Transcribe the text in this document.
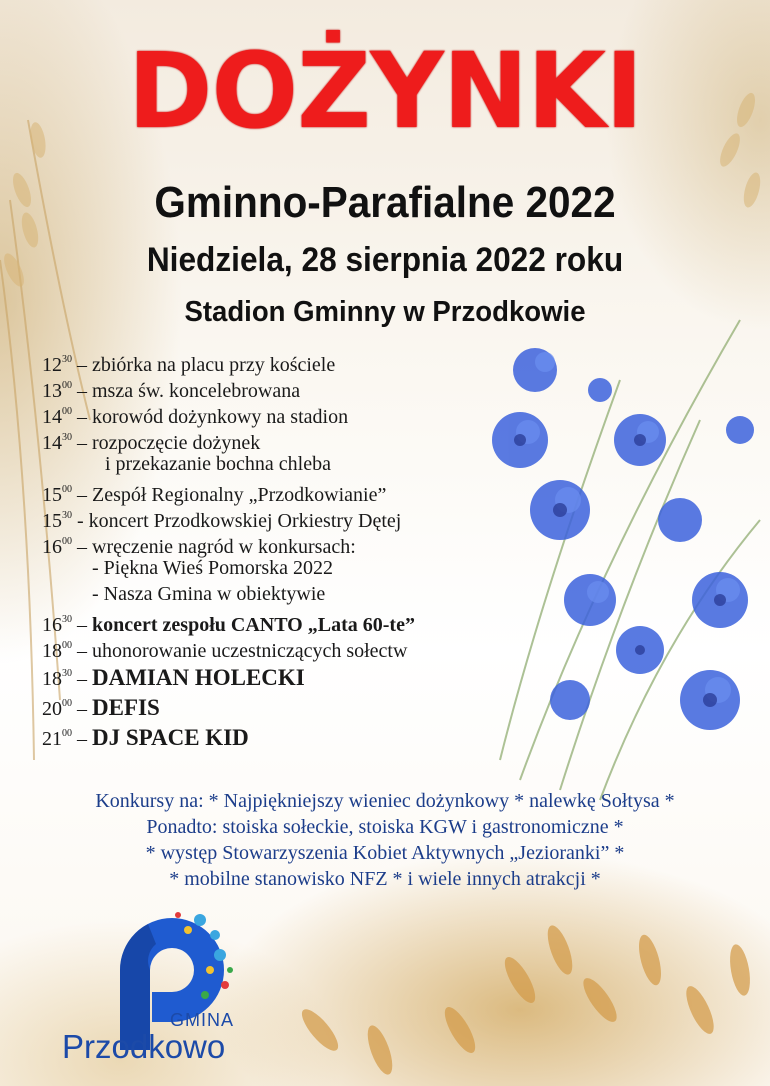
DOŻYNKI
Gminno-Parafialne 2022
Niedziela, 28 sierpnia 2022 roku
Stadion Gminny w Przodkowie
$12^{30}$ – zbiórka na placu przy kościele
$13^{00}$ – msza św. koncelebrowana
$14^{00}$ – korowód dożynkowy na stadion
$14^{30}$ – rozpoczęcie dożynek
i przekazanie bochna chleba
$15^{00}$ – Zespół Regionalny „Przodkowianie”
$15^{30}$ - koncert Przodkowskiej Orkiestry Dętej
$16^{00}$ – wręczenie nagród w konkursach:
- Piękna Wieś Pomorska 2022
- Nasza Gmina w obiektywie
$16^{30}$ – koncert zespołu CANTO „Lata 60-te”
$18^{00}$ – uhonorowanie uczestniczących sołectw
$18^{30}$ – DAMIAN HOLECKI
$20^{00}$ – DEFIS
$21^{00}$ – DJ SPACE KID
Konkursy na: * Najpiękniejszy wieniec dożynkowy * nalewkę Sołtysa *
Ponadto: stoiska sołeckie, stoiska KGW i gastronomiczne *
* występ Stowarzyszenia Kobiet Aktywnych „Jezioranki” *
* mobilne stanowisko NFZ * i wiele innych atrakcji *
GMINA
Przodkowo
